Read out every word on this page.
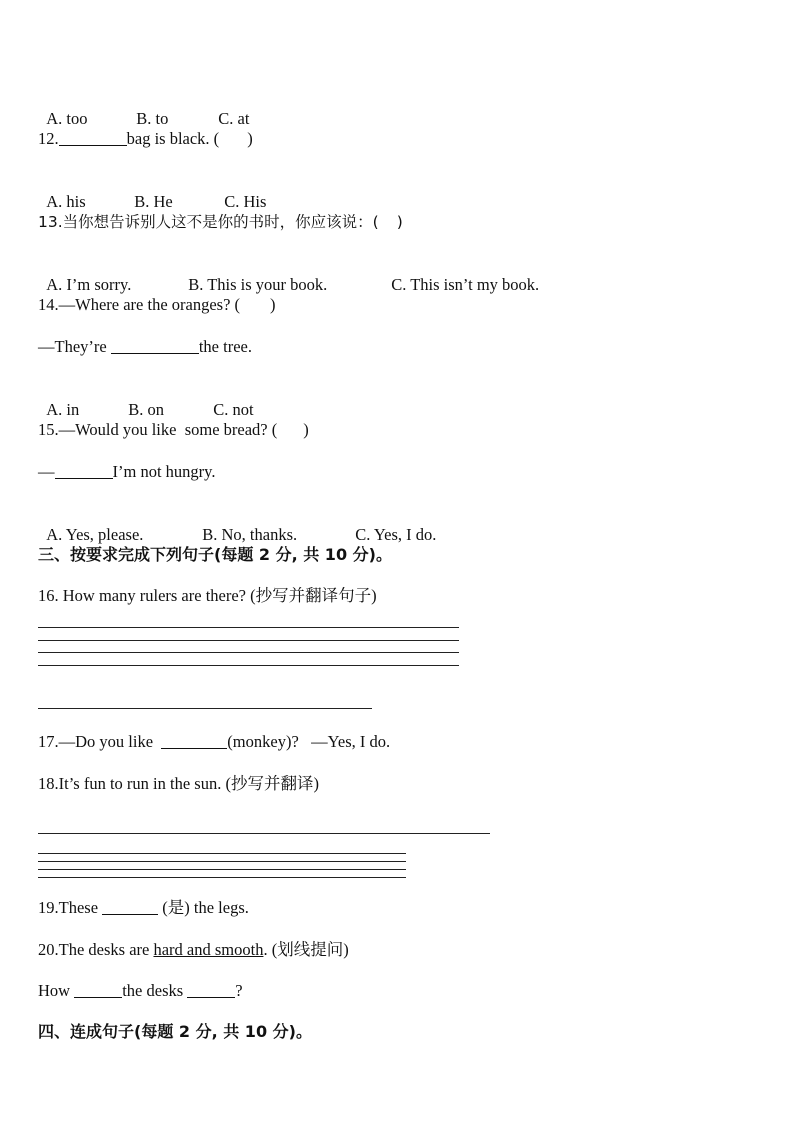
A. too	B. to	C. at

12.	bag is black. ( )

A. his	B. He	C. His

13.当你想告诉别人这不是你的书时，你应该说：( )

A. I’m sorry.	B. This is your book.	C. This isn’t my book.

14.—Where are the oranges? ( )
—They’re	the tree.

A. in	B. on	C. not

15.—Would you like  some bread? ( )
—	I’m not hungry.

A. Yes, please.	B. No, thanks.	C. Yes, I do.

三、按要求完成下列句子(每题 2 分, 共 10 分)。
16. How many rulers are there? (抄写并翻译句子)
17.—Do you like	(monkey)? —Yes, I do.
18.It’s fun to run in the sun. (抄写并翻译)
19.These	(是) the legs.
20.The desks are hard and smooth. (划线提问)
How	the desks	?
四、连成句子(每题 2 分, 共 10 分)。
